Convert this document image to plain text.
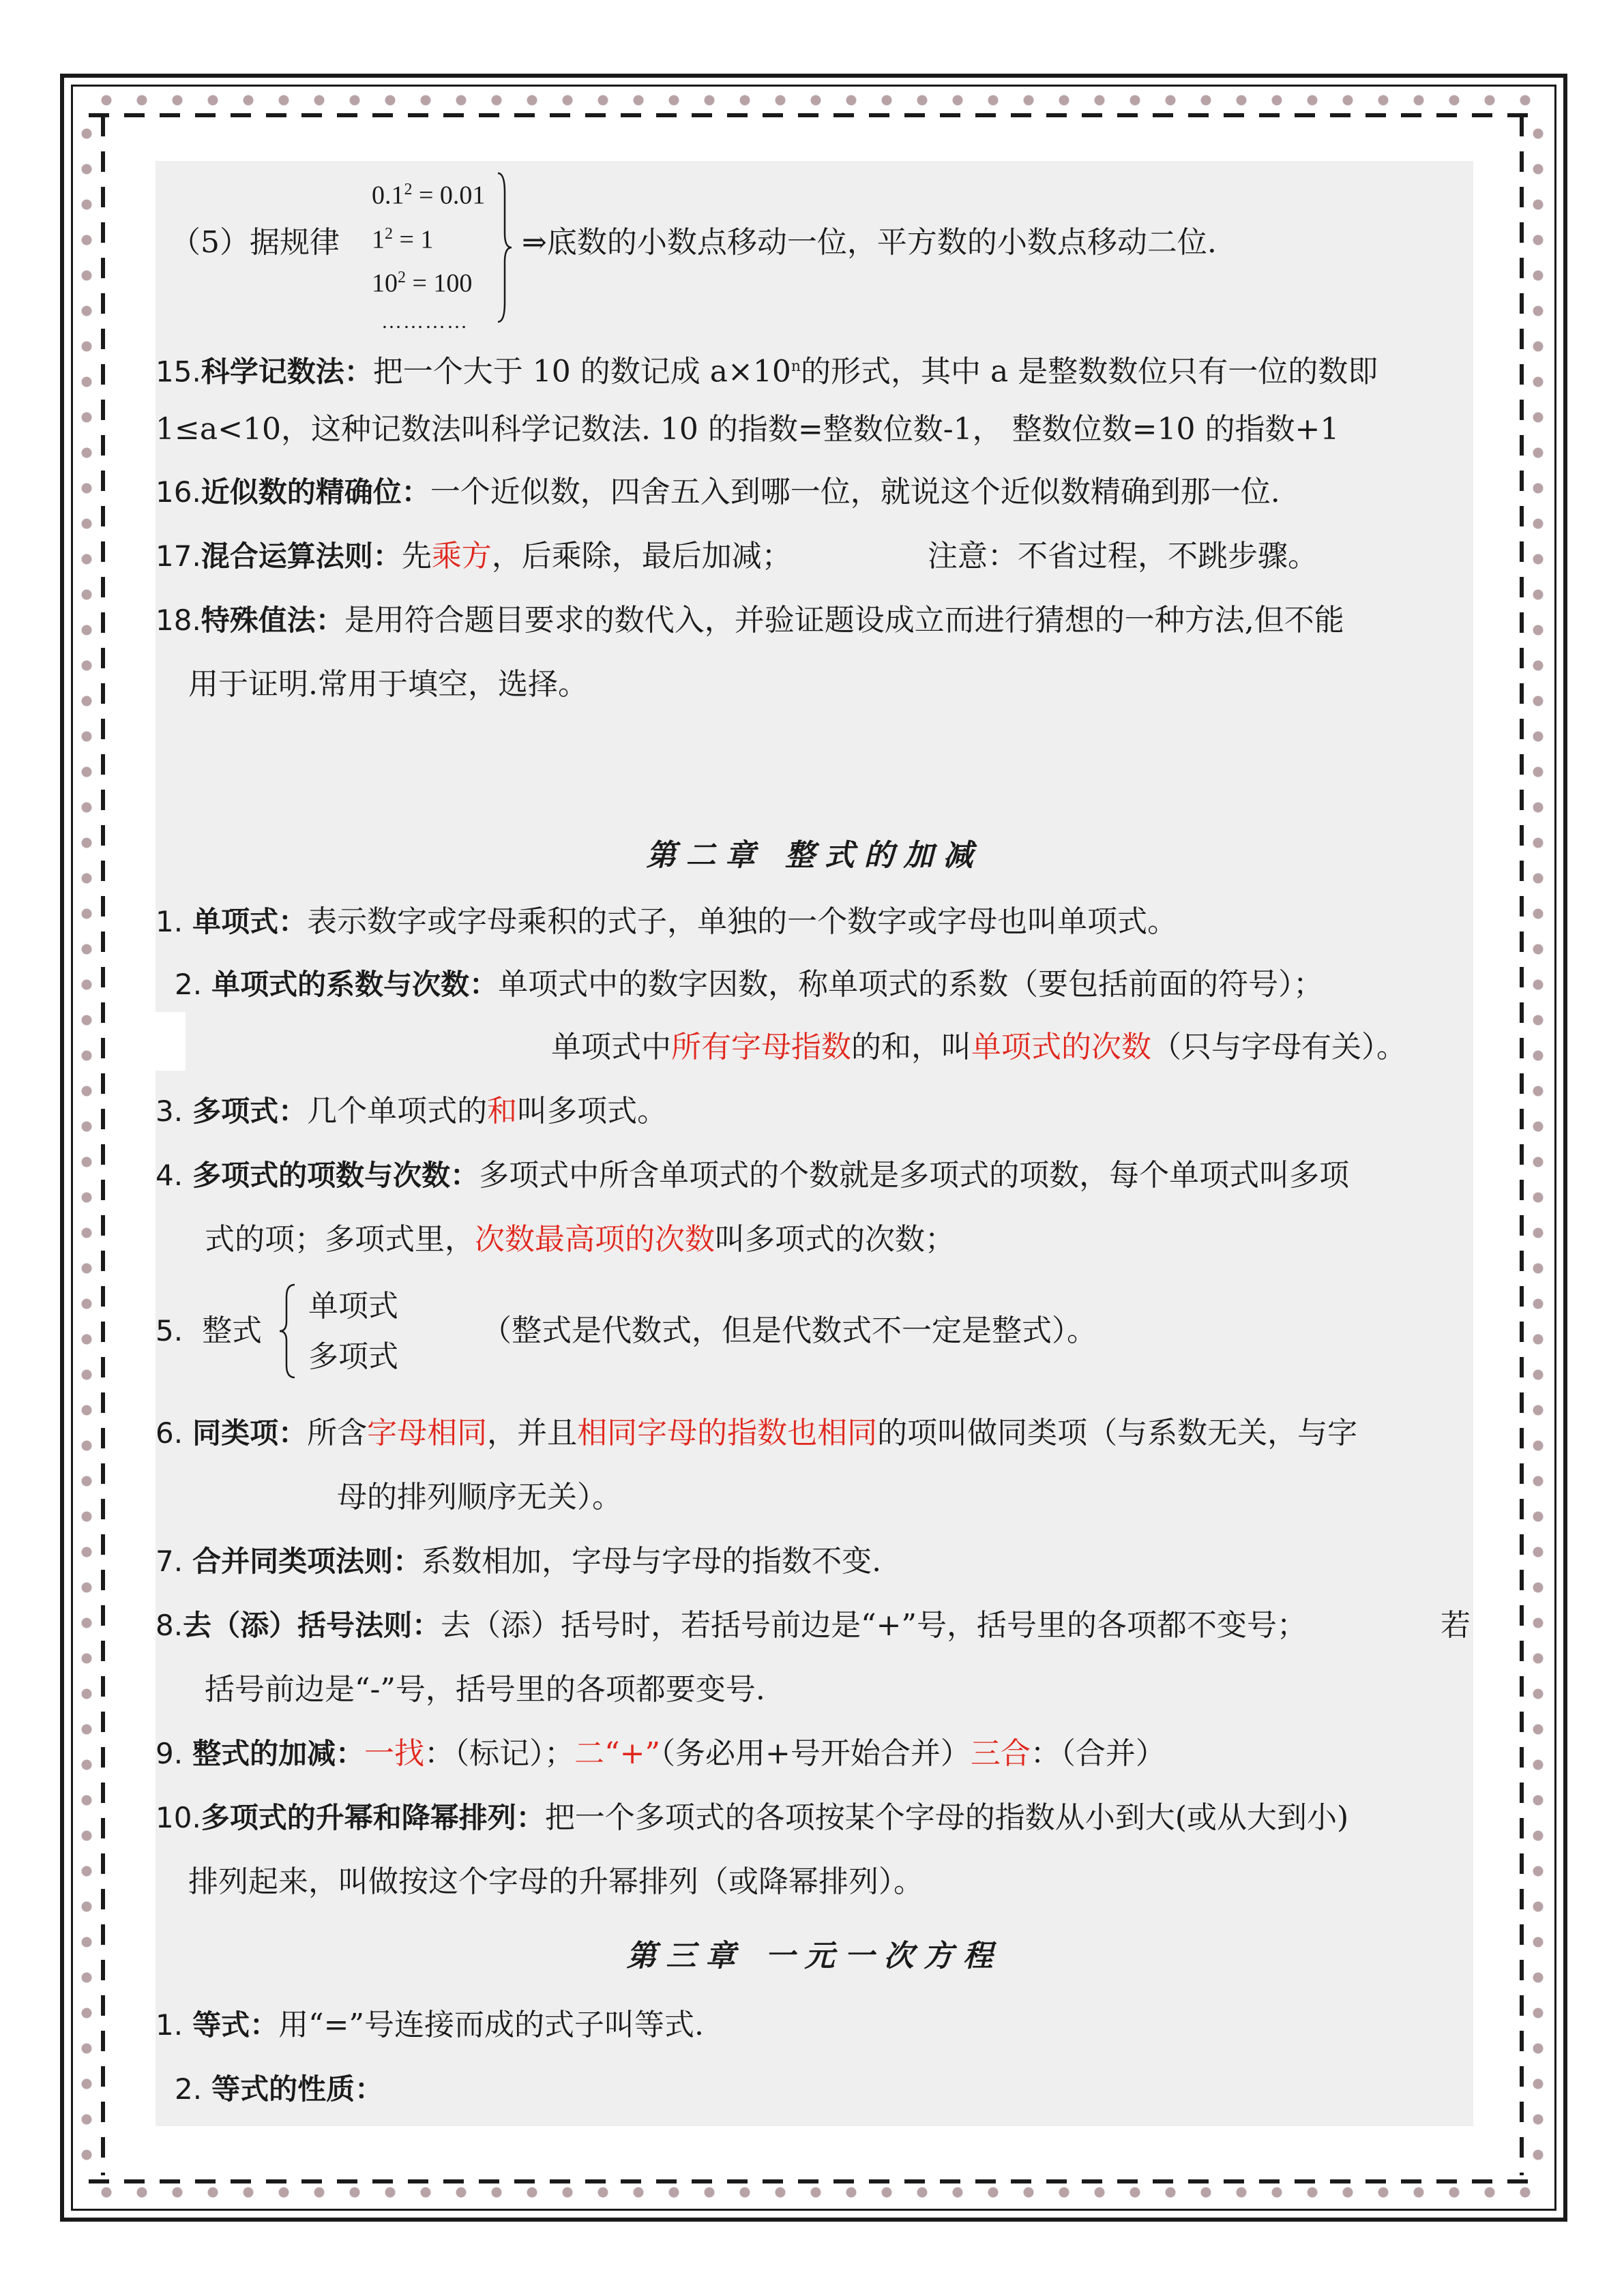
（5）据规律
$0.1^2 = 0.01$
$1^2 = 1$
$10^2 = 100$
…………
⇒底数的小数点移动一位，平方数的小数点移动二位.
15.科学记数法：把一个大于 10 的数记成 $a\times 10^n$的形式，其中 a 是整数数位只有一位的数即
1≤a<10，这种记数法叫科学记数法. 10 的指数=整数位数-1， 整数位数=10 的指数+1
16.近似数的精确位：一个近似数，四舍五入到哪一位，就说这个近似数精确到那一位.
17.混合运算法则：先乘方，后乘除，最后加减；	注意：不省过程，不跳步骤。
18.特殊值法：是用符合题目要求的数代入，并验证题设成立而进行猜想的一种方法,但不能
用于证明.常用于填空，选择。
第二章 整式的加减
1. 单项式：表示数字或字母乘积的式子，单独的一个数字或字母也叫单项式。
2. 单项式的系数与次数：单项式中的数字因数，称单项式的系数（要包括前面的符号）；
单项式中所有字母指数的和，叫单项式的次数（只与字母有关）。
3. 多项式：几个单项式的和叫多项式。
4. 多项式的项数与次数：多项式中所含单项式的个数就是多项式的项数，每个单项式叫多项
式的项；多项式里，次数最高项的次数叫多项式的次数；
5. 整式
单项式
多项式
（整式是代数式，但是代数式不一定是整式）。
6. 同类项：所含字母相同，并且相同字母的指数也相同的项叫做同类项（与系数无关，与字
母的排列顺序无关）。
7. 合并同类项法则：系数相加，字母与字母的指数不变.
8.去（添）括号法则：去（添）括号时，若括号前边是“+”号，括号里的各项都不变号；	若
括号前边是“-”号，括号里的各项都要变号.
9. 整式的加减：一找：（标记）；二“+”（务必用+号开始合并）三合：（合并）
10.多项式的升幂和降幂排列：把一个多项式的各项按某个字母的指数从小到大(或从大到小)
排列起来，叫做按这个字母的升幂排列（或降幂排列）。
第三章 一元一次方程
1. 等式：用“=”号连接而成的式子叫等式.
2. 等式的性质：
